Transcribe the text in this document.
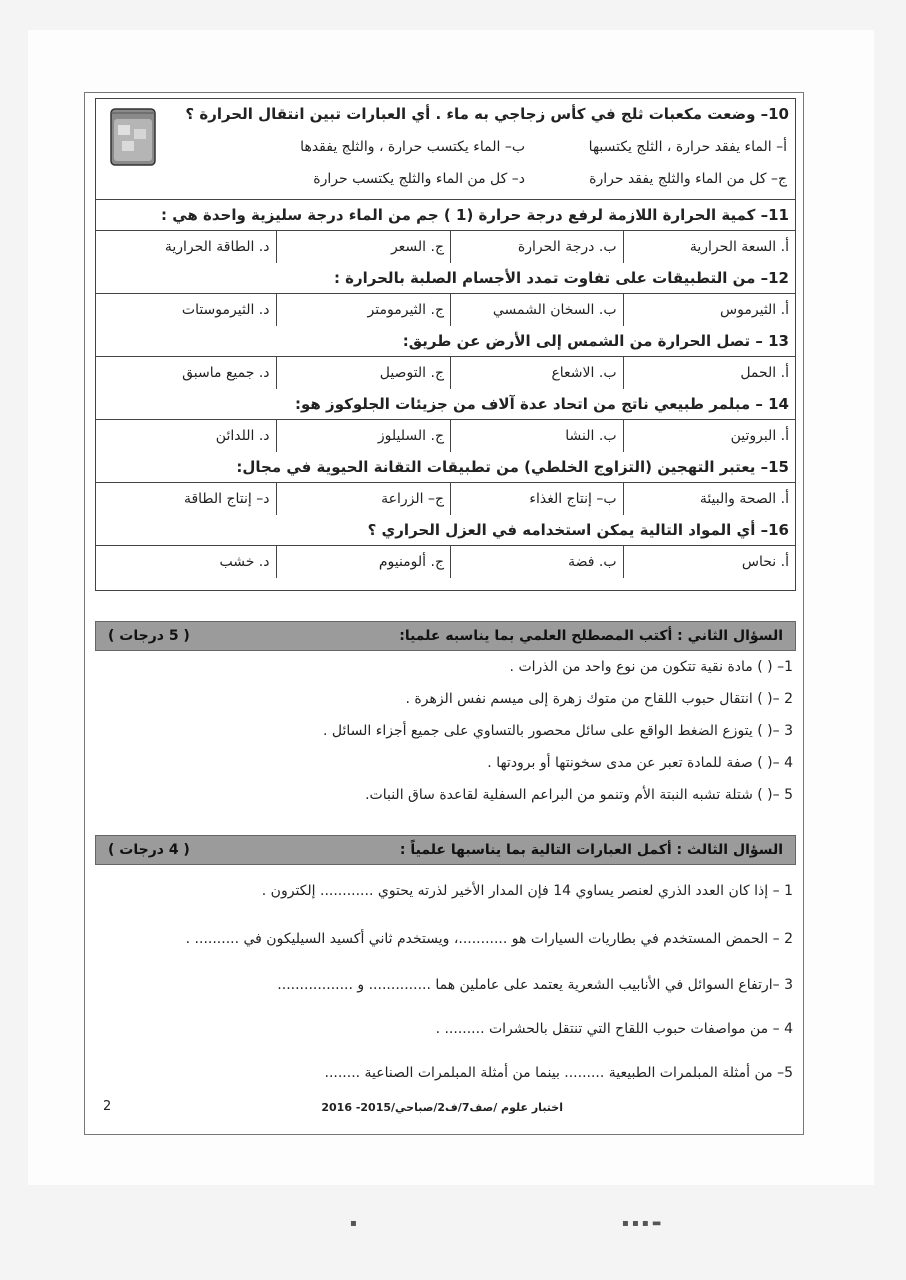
10– وضعت مكعبات ثلج في كأس زجاجي به ماء . أي العبارات تبين انتقال الحرارة ؟
أ– الماء يفقد حرارة ، الثلج يكتسبها
ب– الماء يكتسب حرارة ، والثلج يفقدها
ج– كل من الماء والثلج يفقد حرارة
د– كل من الماء والثلج يكتسب حرارة
11– كمية الحرارة اللازمة لرفع درجة حرارة (1 ) جم من الماء درجة سليزية واحدة هي :
أ. السعة الحرارية
ب. درجة الحرارة
ج. السعر
د. الطاقة الحرارية
12– من التطبيقات على تفاوت تمدد الأجسام الصلبة بالحرارة :
أ. الثيرموس
ب. السخان الشمسي
ج. الثيرمومتر
د. الثيرموستات
13 – تصل الحرارة من الشمس إلى الأرض عن طريق:
أ. الحمل
ب. الاشعاع
ج. التوصيل
د. جميع ماسبق
14 – مبلمر طبيعي ناتج من اتحاد عدة آلاف من جزيئات الجلوكوز هو:
أ. البروتين
ب. النشا
ج. السليلوز
د. اللدائن
15– يعتبر التهجين (التزاوج الخلطي) من تطبيقات التقانة الحيوية في مجال:
أ. الصحة والبيئة
ب– إنتاج الغذاء
ج– الزراعة
د– إنتاج الطاقة
16– أي المواد التالية يمكن استخدامه في العزل الحراري ؟
أ. نحاس
ب. فضة
ج. ألومنيوم
د. خشب
السؤال الثاني : أكتب المصطلح العلمي بما يناسبه علميا:
( 5 درجات )
1– ( ) مادة نقية تتكون من نوع واحد من الذرات .
2 –( ) انتقال حبوب اللقاح من متوك زهرة إلى ميسم نفس الزهرة .
3 –( ) يتوزع الضغط الواقع على سائل محصور بالتساوي على جميع أجزاء السائل .
4 –( ) صفة للمادة تعبر عن مدى سخونتها أو برودتها .
5 –( ) شتلة تشبه النبتة الأم وتنمو من البراعم السفلية لقاعدة ساق النبات.
السؤال الثالث : أكمل العبارات التالية بما يناسبها علمياً :
( 4 درجات )
1 – إذا كان العدد الذري لعنصر يساوي 14 فإن المدار الأخير لذرته يحتوي ............ إلكترون .
2 – الحمض المستخدم في بطاريات السيارات هو ...........، ويستخدم ثاني أكسيد السيليكون في .......... .
3 –ارتفاع السوائل في الأنابيب الشعرية يعتمد على عاملين هما .............. و .................
4 – من مواصفات حبوب اللقاح التي تنتقل بالحشرات ......... .
5– من أمثلة المبلمرات الطبيعية ......... بينما من أمثلة المبلمرات الصناعية ........
2	اختبار علوم /صف7/ف2/صباحي/2015- 2016
▪	▪ ▪ ▪ ▬
